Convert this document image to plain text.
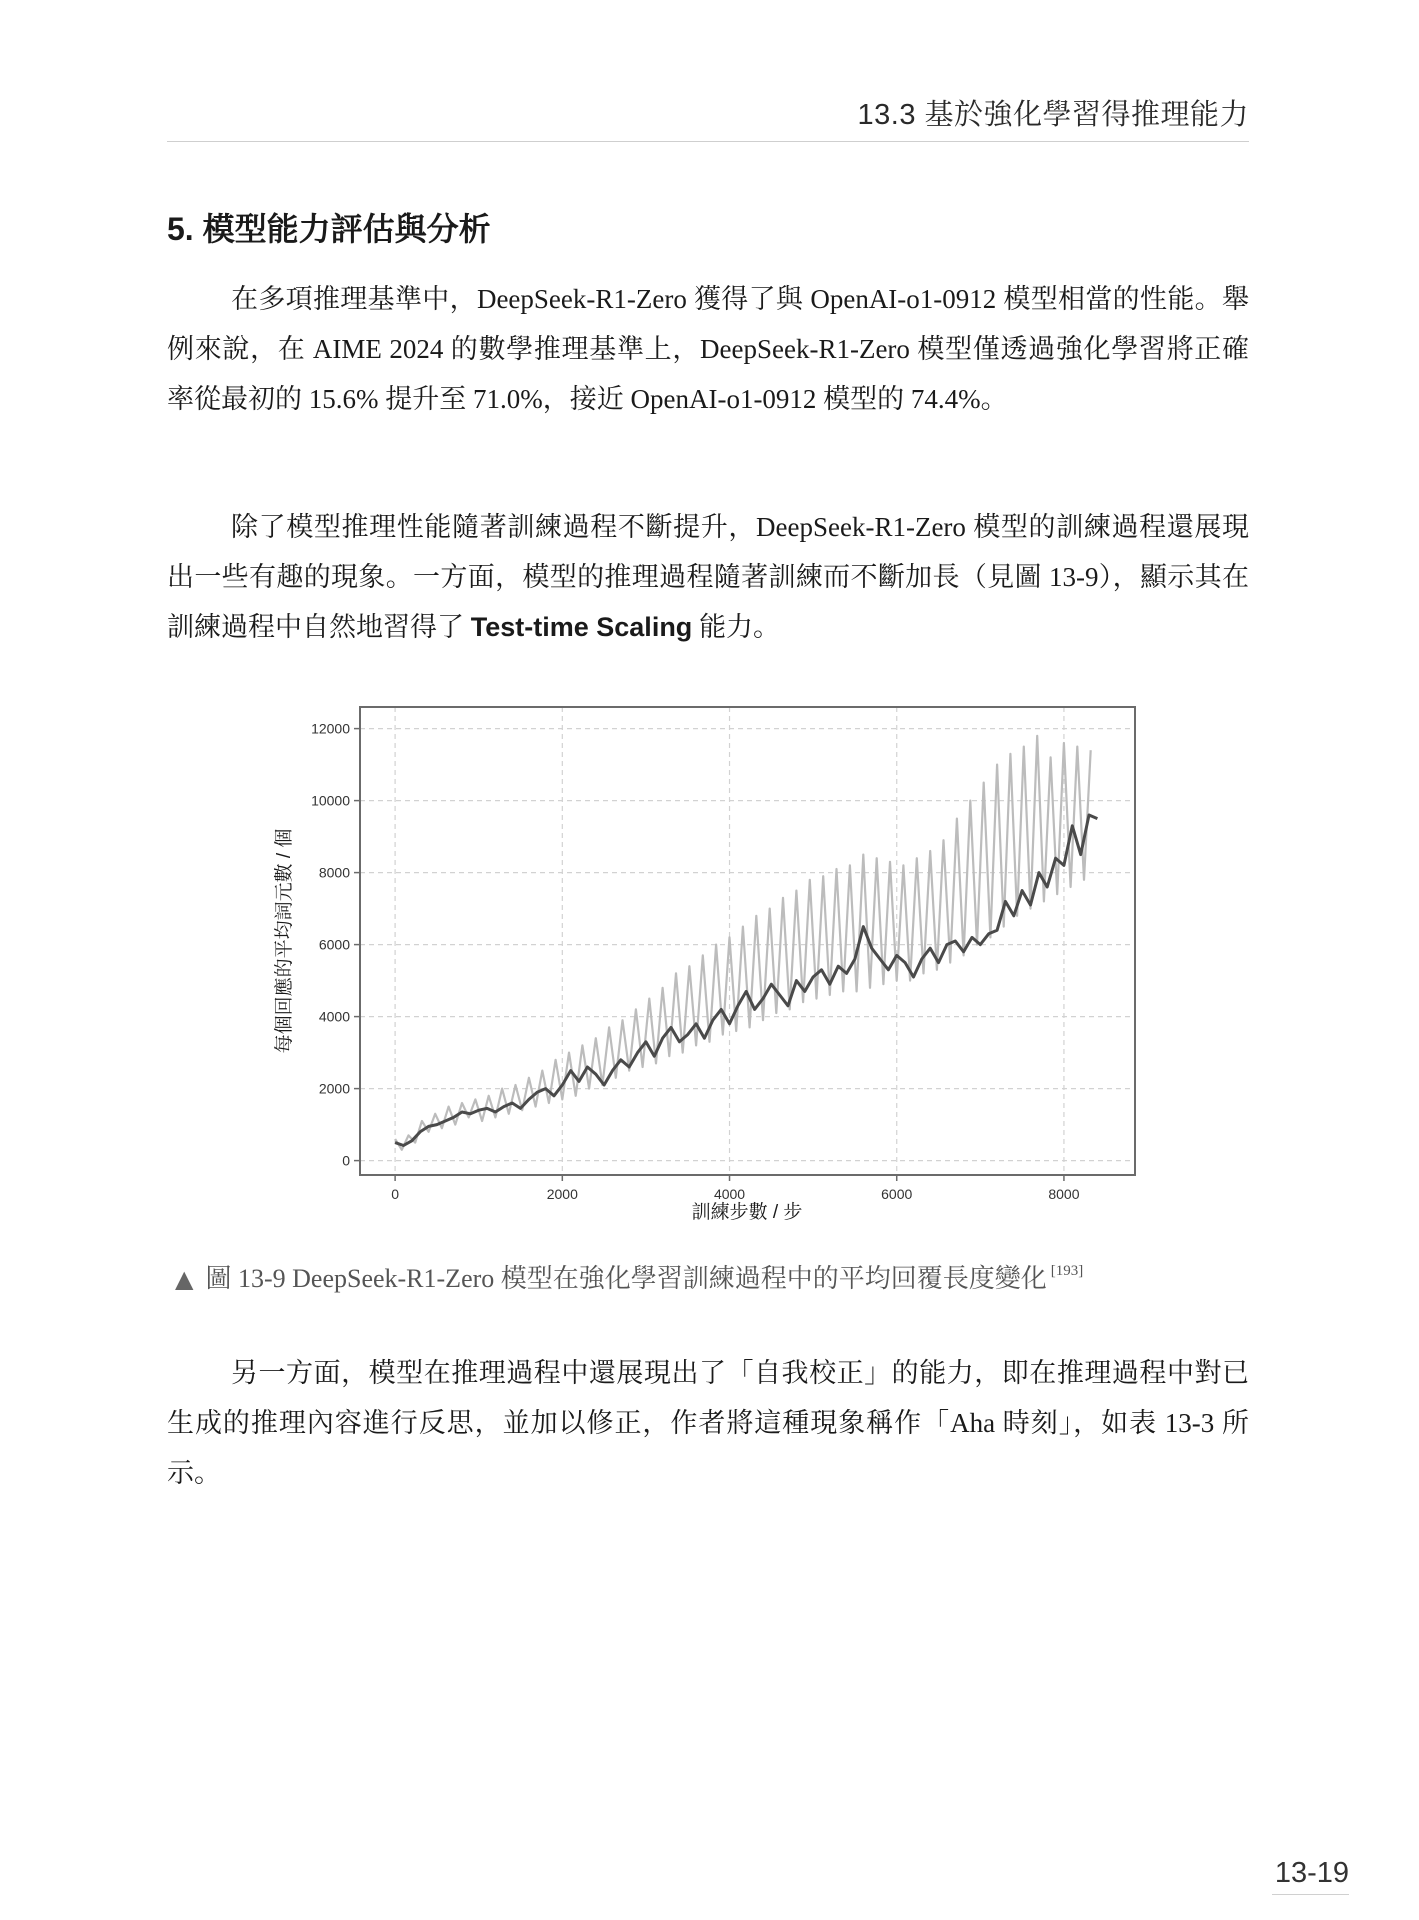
13.3 基於強化學習得推理能力
5. 模型能力評估與分析

在多項推理基準中，DeepSeek-R1-Zero 獲得了與 OpenAI-o1-0912 模型相當的性能。舉例來說，在 AIME 2024 的數學推理基準上，DeepSeek-R1-Zero 模型僅透過強化學習將正確率從最初的 15.6% 提升至 71.0%，接近 OpenAI-o1-0912 模型的 74.4%。

除了模型推理性能隨著訓練過程不斷提升，DeepSeek-R1-Zero 模型的訓練過程還展現出一些有趣的現象。一方面，模型的推理過程隨著訓練而不斷加長（見圖 13-9），顯示其在訓練過程中自然地習得了 Test-time Scaling 能力。

0	2000	4000	6000	8000
0
2000
4000
6000
8000
10000
12000
訓練步數 / 步
每個回應的平均詞元數 / 個
▲ 圖 13-9 DeepSeek-R1-Zero 模型在強化學習訓練過程中的平均回覆長度變化 [193]

另一方面，模型在推理過程中還展現出了「自我校正」的能力，即在推理過程中對已生成的推理內容進行反思，並加以修正，作者將這種現象稱作「Aha 時刻」，如表 13-3 所示。

13-19
